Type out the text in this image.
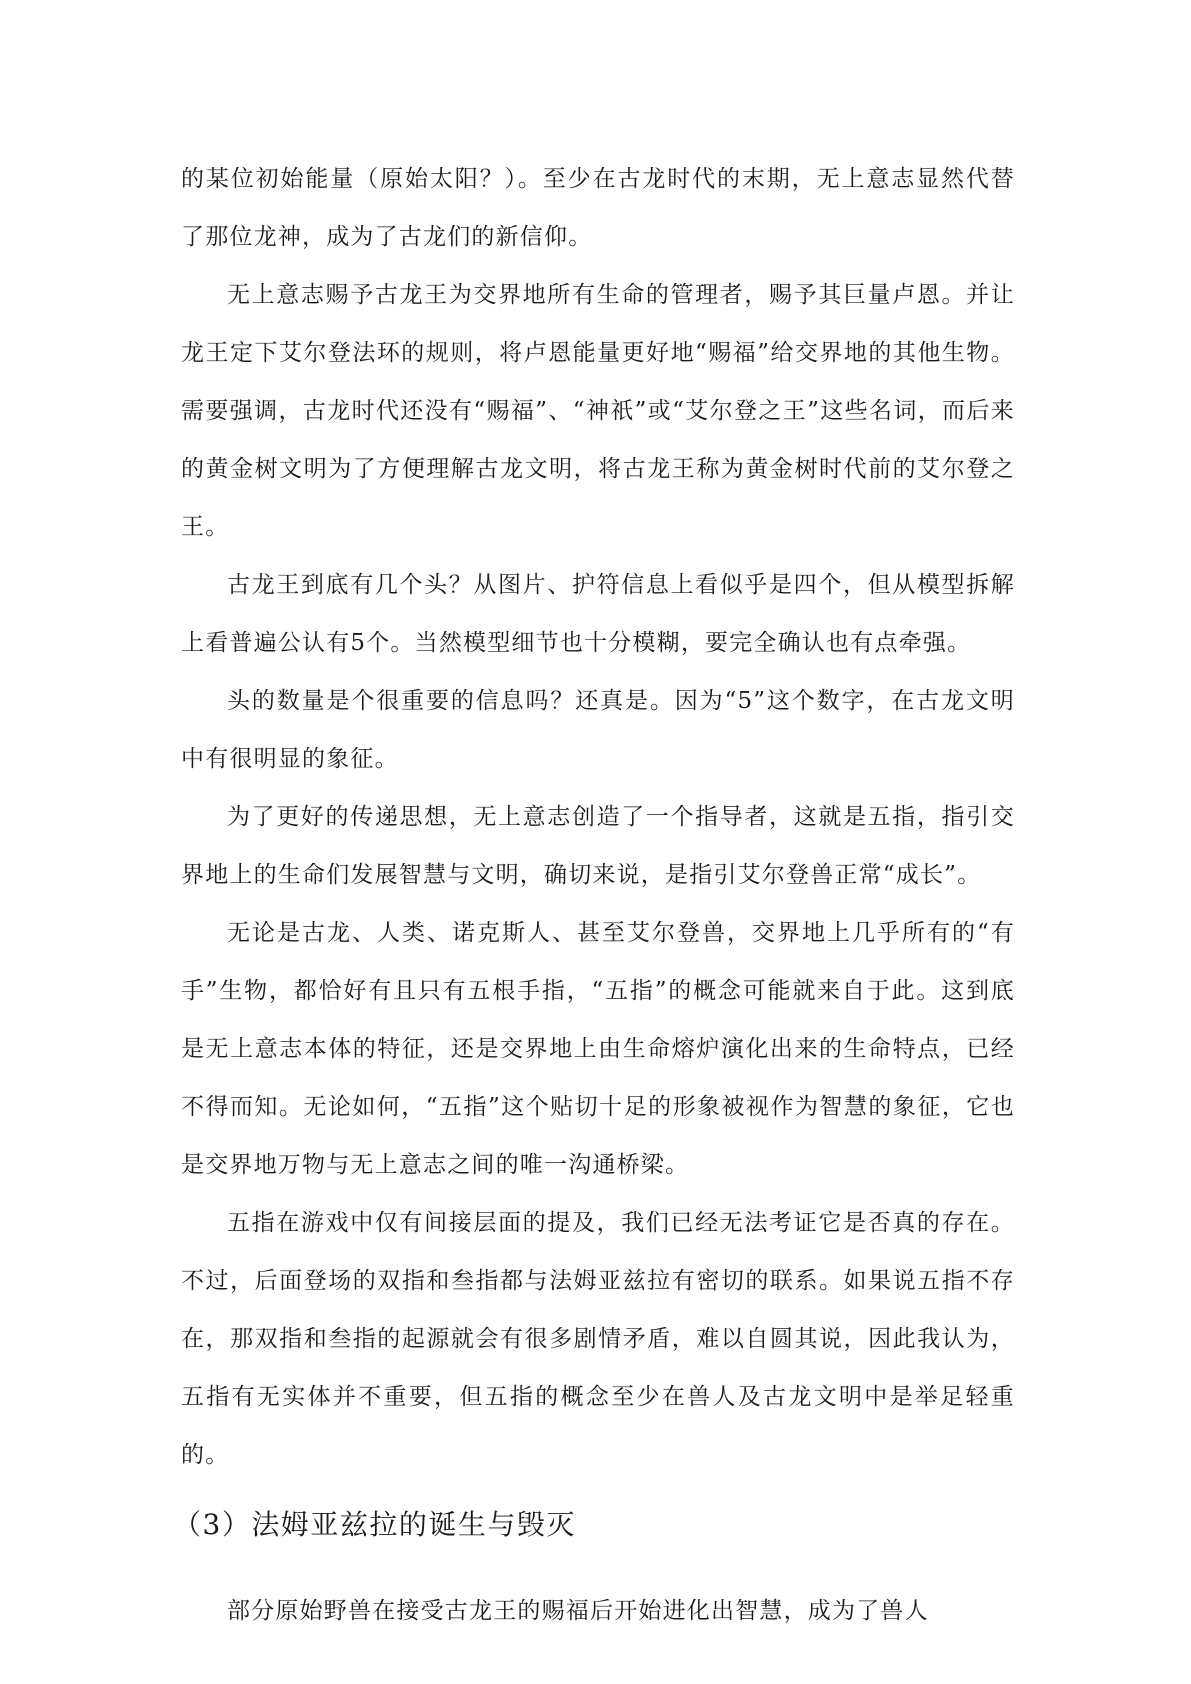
的某位初始能量（原始太阳？）。至少在古龙时代的末期，无上意志显然代替了那位龙神，成为了古龙们的新信仰。

无上意志赐予古龙王为交界地所有生命的管理者，赐予其巨量卢恩。并让龙王定下艾尔登法环的规则，将卢恩能量更好地“赐福”给交界地的其他生物。需要强调，古龙时代还没有“赐福”、“神祇”或“艾尔登之王”这些名词，而后来的黄金树文明为了方便理解古龙文明，将古龙王称为黄金树时代前的艾尔登之王。

古龙王到底有几个头？从图片、护符信息上看似乎是四个，但从模型拆解上看普遍公认有5个。当然模型细节也十分模糊，要完全确认也有点牵强。

头的数量是个很重要的信息吗？还真是。因为“5”这个数字，在古龙文明中有很明显的象征。

为了更好的传递思想，无上意志创造了一个指导者，这就是五指，指引交界地上的生命们发展智慧与文明，确切来说，是指引艾尔登兽正常“成长”。

无论是古龙、人类、诺克斯人、甚至艾尔登兽，交界地上几乎所有的“有手”生物，都恰好有且只有五根手指，“五指”的概念可能就来自于此。这到底是无上意志本体的特征，还是交界地上由生命熔炉演化出来的生命特点，已经不得而知。无论如何，“五指”这个贴切十足的形象被视作为智慧的象征，它也是交界地万物与无上意志之间的唯一沟通桥梁。

五指在游戏中仅有间接层面的提及，我们已经无法考证它是否真的存在。不过，后面登场的双指和叁指都与法姆亚兹拉有密切的联系。如果说五指不存在，那双指和叁指的起源就会有很多剧情矛盾，难以自圆其说，因此我认为，五指有无实体并不重要，但五指的概念至少在兽人及古龙文明中是举足轻重的。

（3）法姆亚兹拉的诞生与毁灭

部分原始野兽在接受古龙王的赐福后开始进化出智慧，成为了兽人
